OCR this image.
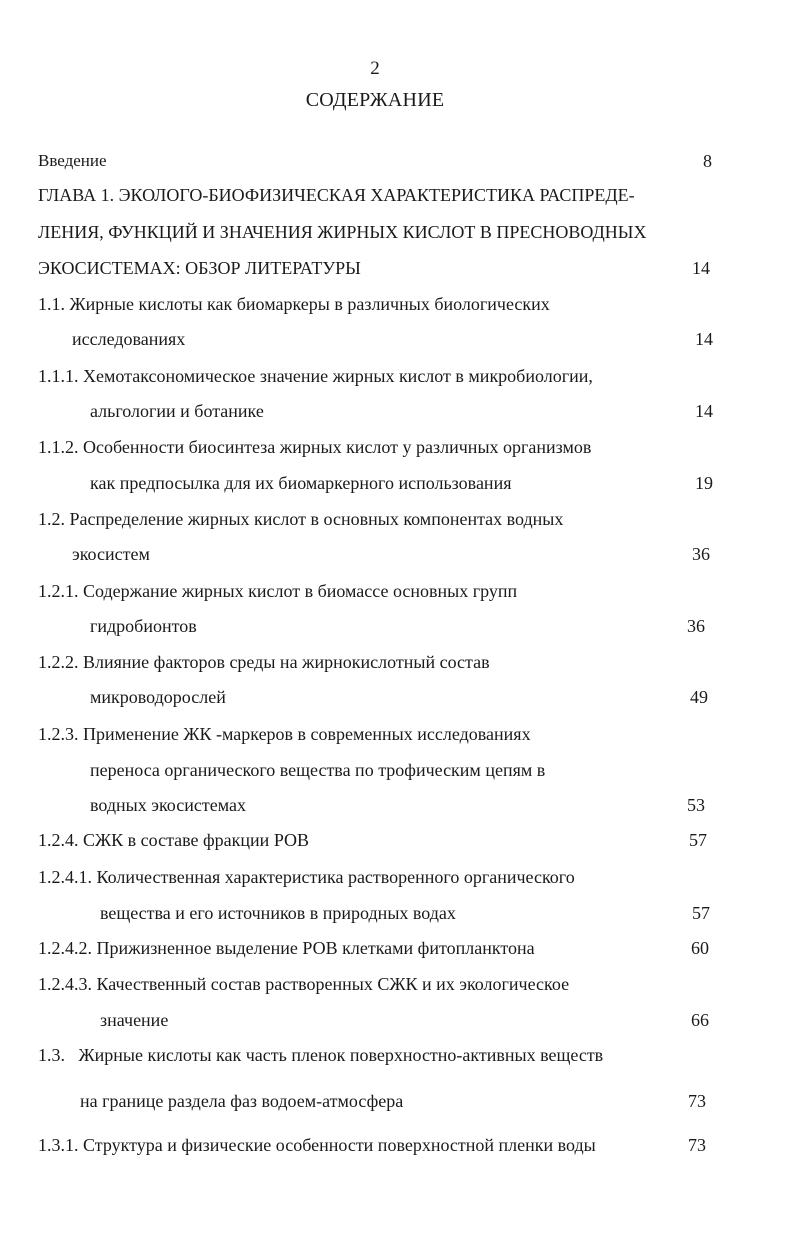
2
СОДЕРЖАНИЕ
Введение	8
ГЛАВА 1. ЭКОЛОГО-БИОФИЗИЧЕСКАЯ ХАРАКТЕРИСТИКА РАСПРЕДЕ-
ЛЕНИЯ, ФУНКЦИЙ И ЗНАЧЕНИЯ ЖИРНЫХ КИСЛОТ В ПРЕСНОВОДНЫХ
ЭКОСИСТЕМАХ: ОБЗОР ЛИТЕРАТУРЫ	14
1.1. Жирные кислоты как биомаркеры в различных биологических
исследованиях	14
1.1.1. Хемотаксономическое значение жирных кислот в микробиологии,
альгологии и ботанике	14
1.1.2. Особенности биосинтеза жирных кислот у различных организмов
как предпосылка для их биомаркерного использования	19
1.2. Распределение жирных кислот в основных компонентах водных
экосистем	36
1.2.1. Содержание жирных кислот в биомассе основных групп
гидробионтов	36
1.2.2. Влияние факторов среды на жирнокислотный состав
микроводорослей	49
1.2.3. Применение ЖК -маркеров в современных исследованиях
переноса органического вещества по трофическим цепям в
водных экосистемах	53
1.2.4. СЖК в составе фракции РОВ	57
1.2.4.1. Количественная характеристика растворенного органического
вещества и его источников в природных водах	57
1.2.4.2. Прижизненное выделение РОВ клетками фитопланктона	60
1.2.4.3. Качественный состав растворенных СЖК и их экологическое
значение	66
1.3.   Жирные кислоты как часть пленок поверхностно-активных веществ
на границе раздела фаз водоем-атмосфера	73
1.3.1. Структура и физические особенности поверхностной пленки воды	73
